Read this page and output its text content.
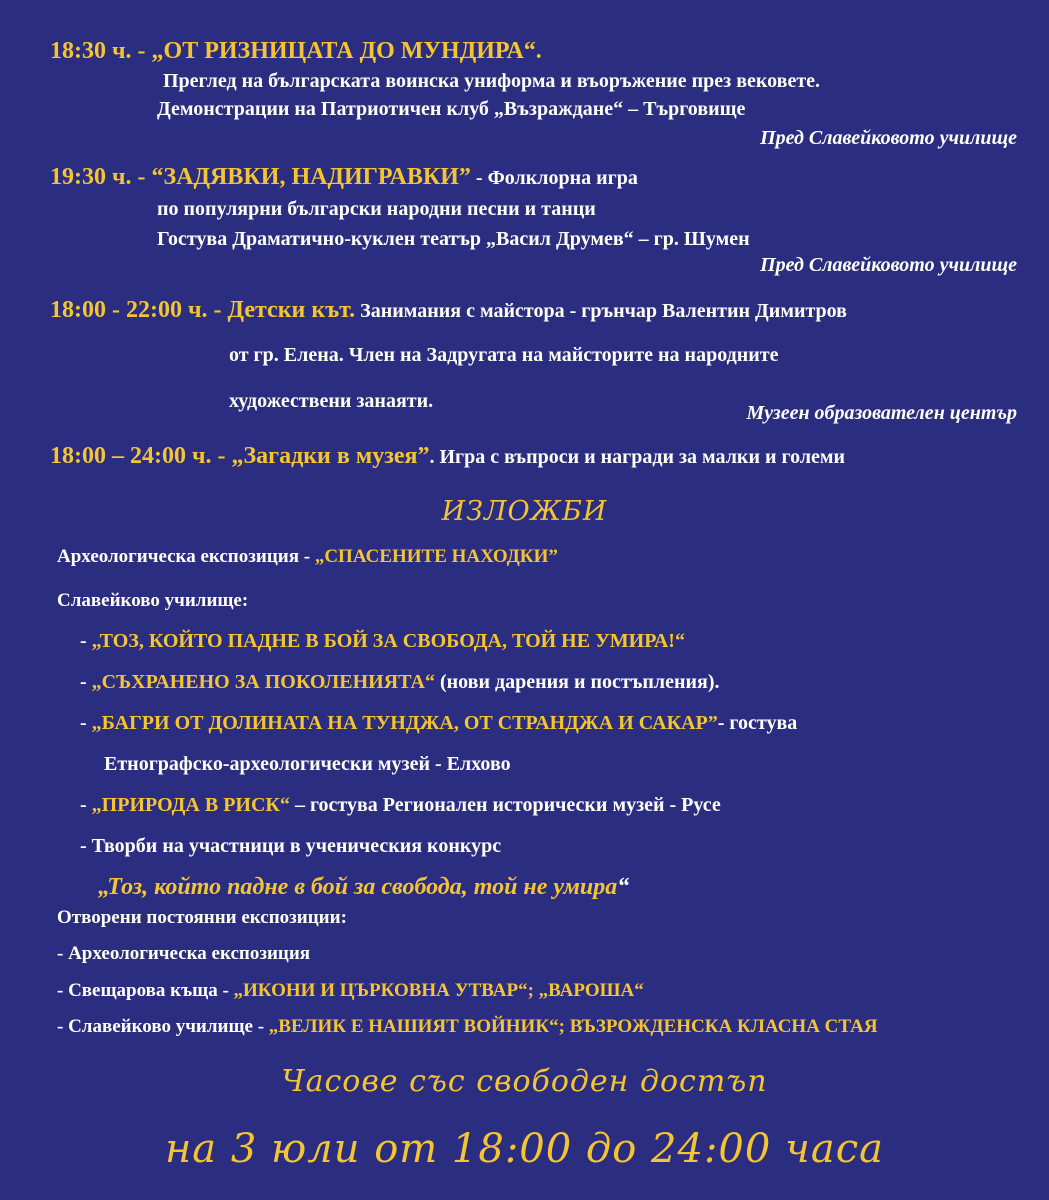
18:30 ч. - „ОТ РИЗНИЦАТА ДО МУНДИРА“.
Преглед на българската воинска униформа и въоръжение през вековете.
Демонстрации на Патриотичен клуб „Възраждане“ – Търговище
Пред Славейковото училище
19:30 ч. - “ЗАДЯВКИ, НАДИГРАВКИ” - Фолклорна игра
по популярни български народни песни и танци
Гостува Драматично-куклен театър „Васил Друмев“ – гр. Шумен
Пред Славейковото училище
18:00 - 22:00 ч. - Детски кът. Занимания с майстора - грънчар Валентин Димитров
от гр. Елена. Член на Задругата на майсторите на народните
художествени занаяти.
Музеен образователен център
18:00 – 24:00 ч. - „Загадки в музея”. Игра с въпроси и награди за малки и големи
ИЗЛОЖБИ
Археологическа експозиция - „СПАСЕНИТЕ НАХОДКИ”
Славейково училище:
- „ТОЗ, КОЙТО ПАДНЕ В БОЙ ЗА СВОБОДА, ТОЙ НЕ УМИРА!“
- „СЪХРАНЕНО ЗА ПОКОЛЕНИЯТА“ (нови дарения и постъпления).
- „БАГРИ ОТ ДОЛИНАТА НА ТУНДЖА, ОТ СТРАНДЖА И САКАР”- гостува
Етнографско-археологически музей - Елхово
- „ПРИРОДА В РИСК“ – гостува Регионален исторически музей - Русе
- Творби на участници в ученическия конкурс
„Тоз, който падне в бой за свобода, той не умира“
Отворени постоянни експозиции:
- Археологическа експозиция
- Свещарова къща - „ИКОНИ И ЦЪРКОВНА УТВАР“; „ВАРОША“
- Славейково училище - „ВЕЛИК Е НАШИЯТ ВОЙНИК“; ВЪЗРОЖДЕНСКА КЛАСНА СТАЯ
Часове със свободен достъп
на 3 юли от 18:00 до 24:00 часа
